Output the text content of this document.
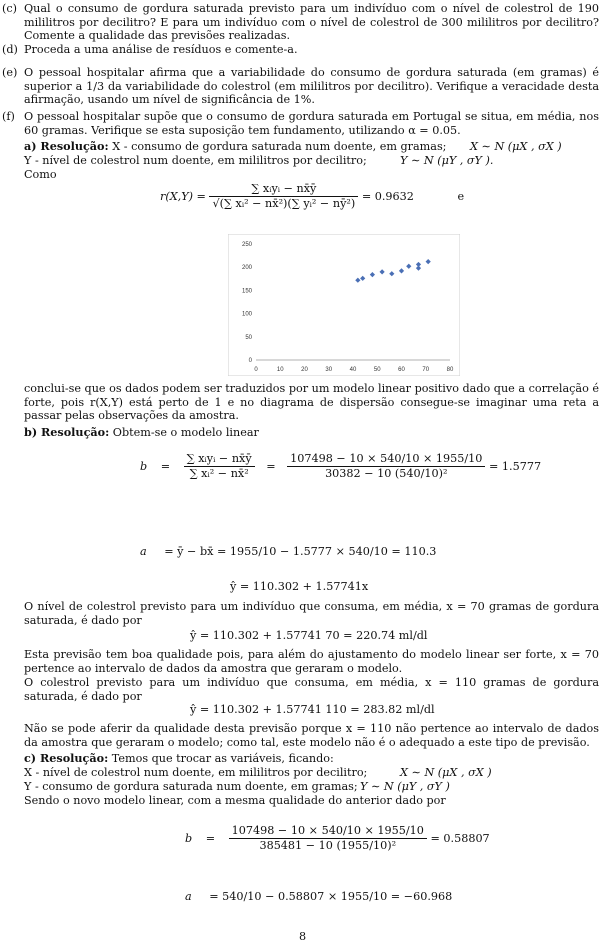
(c) Qual o consumo de gordura saturada previsto para um indivíduo com o nível de colestrol de 190 mililitros por decilitro? E para um indivíduo com o nível de colestrol de 300 mililitros por decilitro? Comente a qualidade das previsões realizadas.
(d) Proceda a uma análise de resíduos e comente-a.
(e) O pessoal hospitalar afirma que a variabilidade do consumo de gordura saturada (em gramas) é superior a 1/3 da variabilidade do colestrol (em mililitros por decilitro). Verifique a veracidade desta afirmação, usando um nível de significância de 1%.
(f) O pessoal hospitalar supõe que o consumo de gordura saturada em Portugal se situa, em média, nos 60 gramas. Verifique se esta suposição tem fundamento, utilizando α = 0.05.
a) Resolução: X - consumo de gordura saturada num doente, em gramas; X ∼ N (μX , σX )
Y - nível de colestrol num doente, em mililitros por decilitro;	Y ∼ N (μY , σY ).
Como
$r(X,Y) = \frac{\text{∑ xᵢyᵢ − nx̄ȳ}}{\text{√(∑ xᵢ² − nx̄²)(∑ yᵢ² − nȳ²)}} = 0.9632$	e
0	10	20	30	40	50	60	70	80
0
50
100
150
200
250
conclui-se que os dados podem ser traduzidos por um modelo linear positivo dado que a correlação é forte, pois r(X,Y) está perto de 1 e no diagrama de dispersão consegue-se imaginar uma reta a passar pelas observações da amostra.
b) Resolução: Obtem-se o modelo linear
$b = \frac{\text{∑ xᵢyᵢ − nx̄ȳ}}{\text{∑ xᵢ² − nx̄²}} = \frac{107498 - 10 \times 540/10 \times 1955/10}{\text{30382 − 10 (540/10)²}} = 1.5777$
a = ȳ − bx̄ = 1955/10 − 1.5777 × 540/10 = 110.3
ŷ = 110.302 + 1.57741x
O nível de colestrol previsto para um indivíduo que consuma, em média, x = 70 gramas de gordura saturada, é dado por
ŷ = 110.302 + 1.57741 70 = 220.74 ml/dl
Esta previsão tem boa qualidade pois, para além do ajustamento do modelo linear ser forte, x = 70 pertence ao intervalo de dados da amostra que geraram o modelo.
O colestrol previsto para um indivíduo que consuma, em média, x = 110 gramas de gordura saturada, é dado por
ŷ = 110.302 + 1.57741 110 = 283.82 ml/dl
Não se pode aferir da qualidade desta previsão porque x = 110 não pertence ao intervalo de dados da amostra que geraram o modelo; como tal, este modelo não é o adequado a este tipo de previsão.
c) Resolução: Temos que trocar as variáveis, ficando:
X - nível de colestrol num doente, em mililitros por decilitro;	X ∼ N (μX , σX )
Y - consumo de gordura saturada num doente, em gramas; Y ∼ N (μY , σY )
Sendo o novo modelo linear, com a mesma qualidade do anterior dado por
$b = \frac{107498 - 10 \times 540/10 \times 1955/10}{\text{385481 − 10 (1955/10)²}} = 0.58807$
a = 540/10 − 0.58807 × 1955/10 = −60.968
8
